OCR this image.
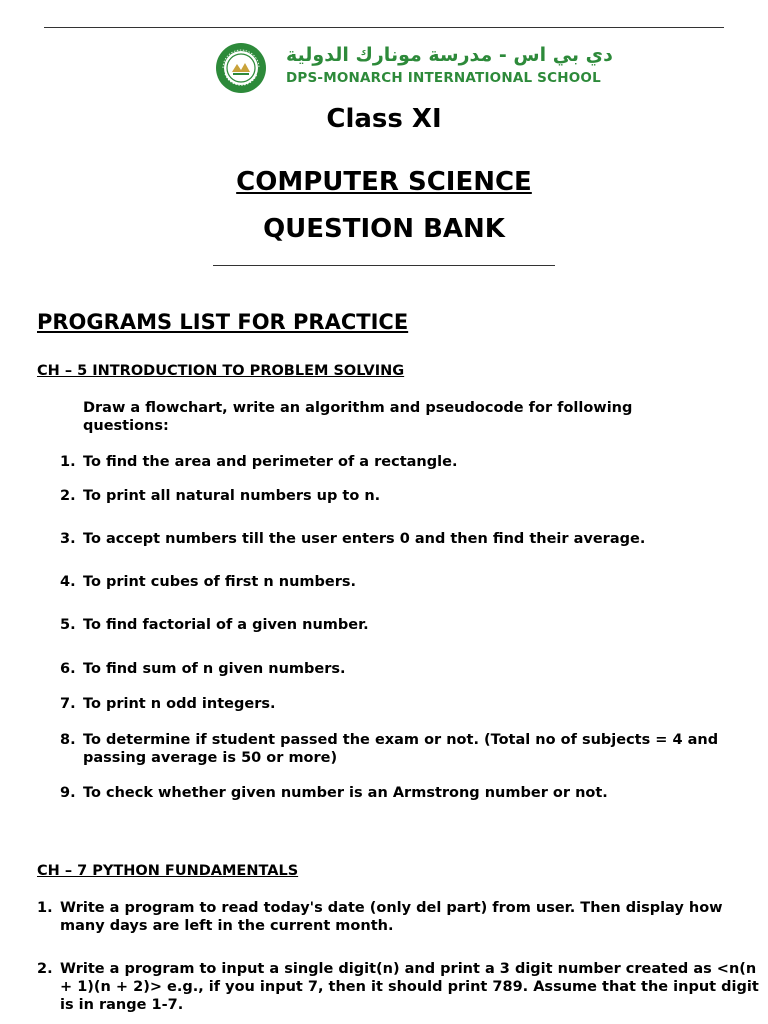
دي بي اس - مدرسة مونارك الدولية
DPS-MONARCH INTERNATIONAL SCHOOL
Class XI
COMPUTER SCIENCE
QUESTION BANK
PROGRAMS LIST FOR PRACTICE
CH – 5 INTRODUCTION TO PROBLEM SOLVING
Draw a flowchart, write an algorithm and pseudocode for following questions:
1. To find the area and perimeter of a rectangle.
2. To print all natural numbers up to n.
3. To accept numbers till the user enters 0 and then find their average.
4. To print cubes of first n numbers.
5. To find factorial of a given number.
6. To find sum of n given numbers.
7. To print n odd integers.
8. To determine if student passed the exam or not. (Total no of subjects = 4 and passing average is 50 or more)
9. To check whether given number is an Armstrong number or not.
CH – 7 PYTHON FUNDAMENTALS
1. Write a program to read today's date (only del part) from user. Then display how many days are left in the current month.
2. Write a program to input a single digit(n) and print a 3 digit number created as <n(n + 1)(n + 2)> e.g., if you input 7, then it should print 789. Assume that the input digit is in range 1-7.
